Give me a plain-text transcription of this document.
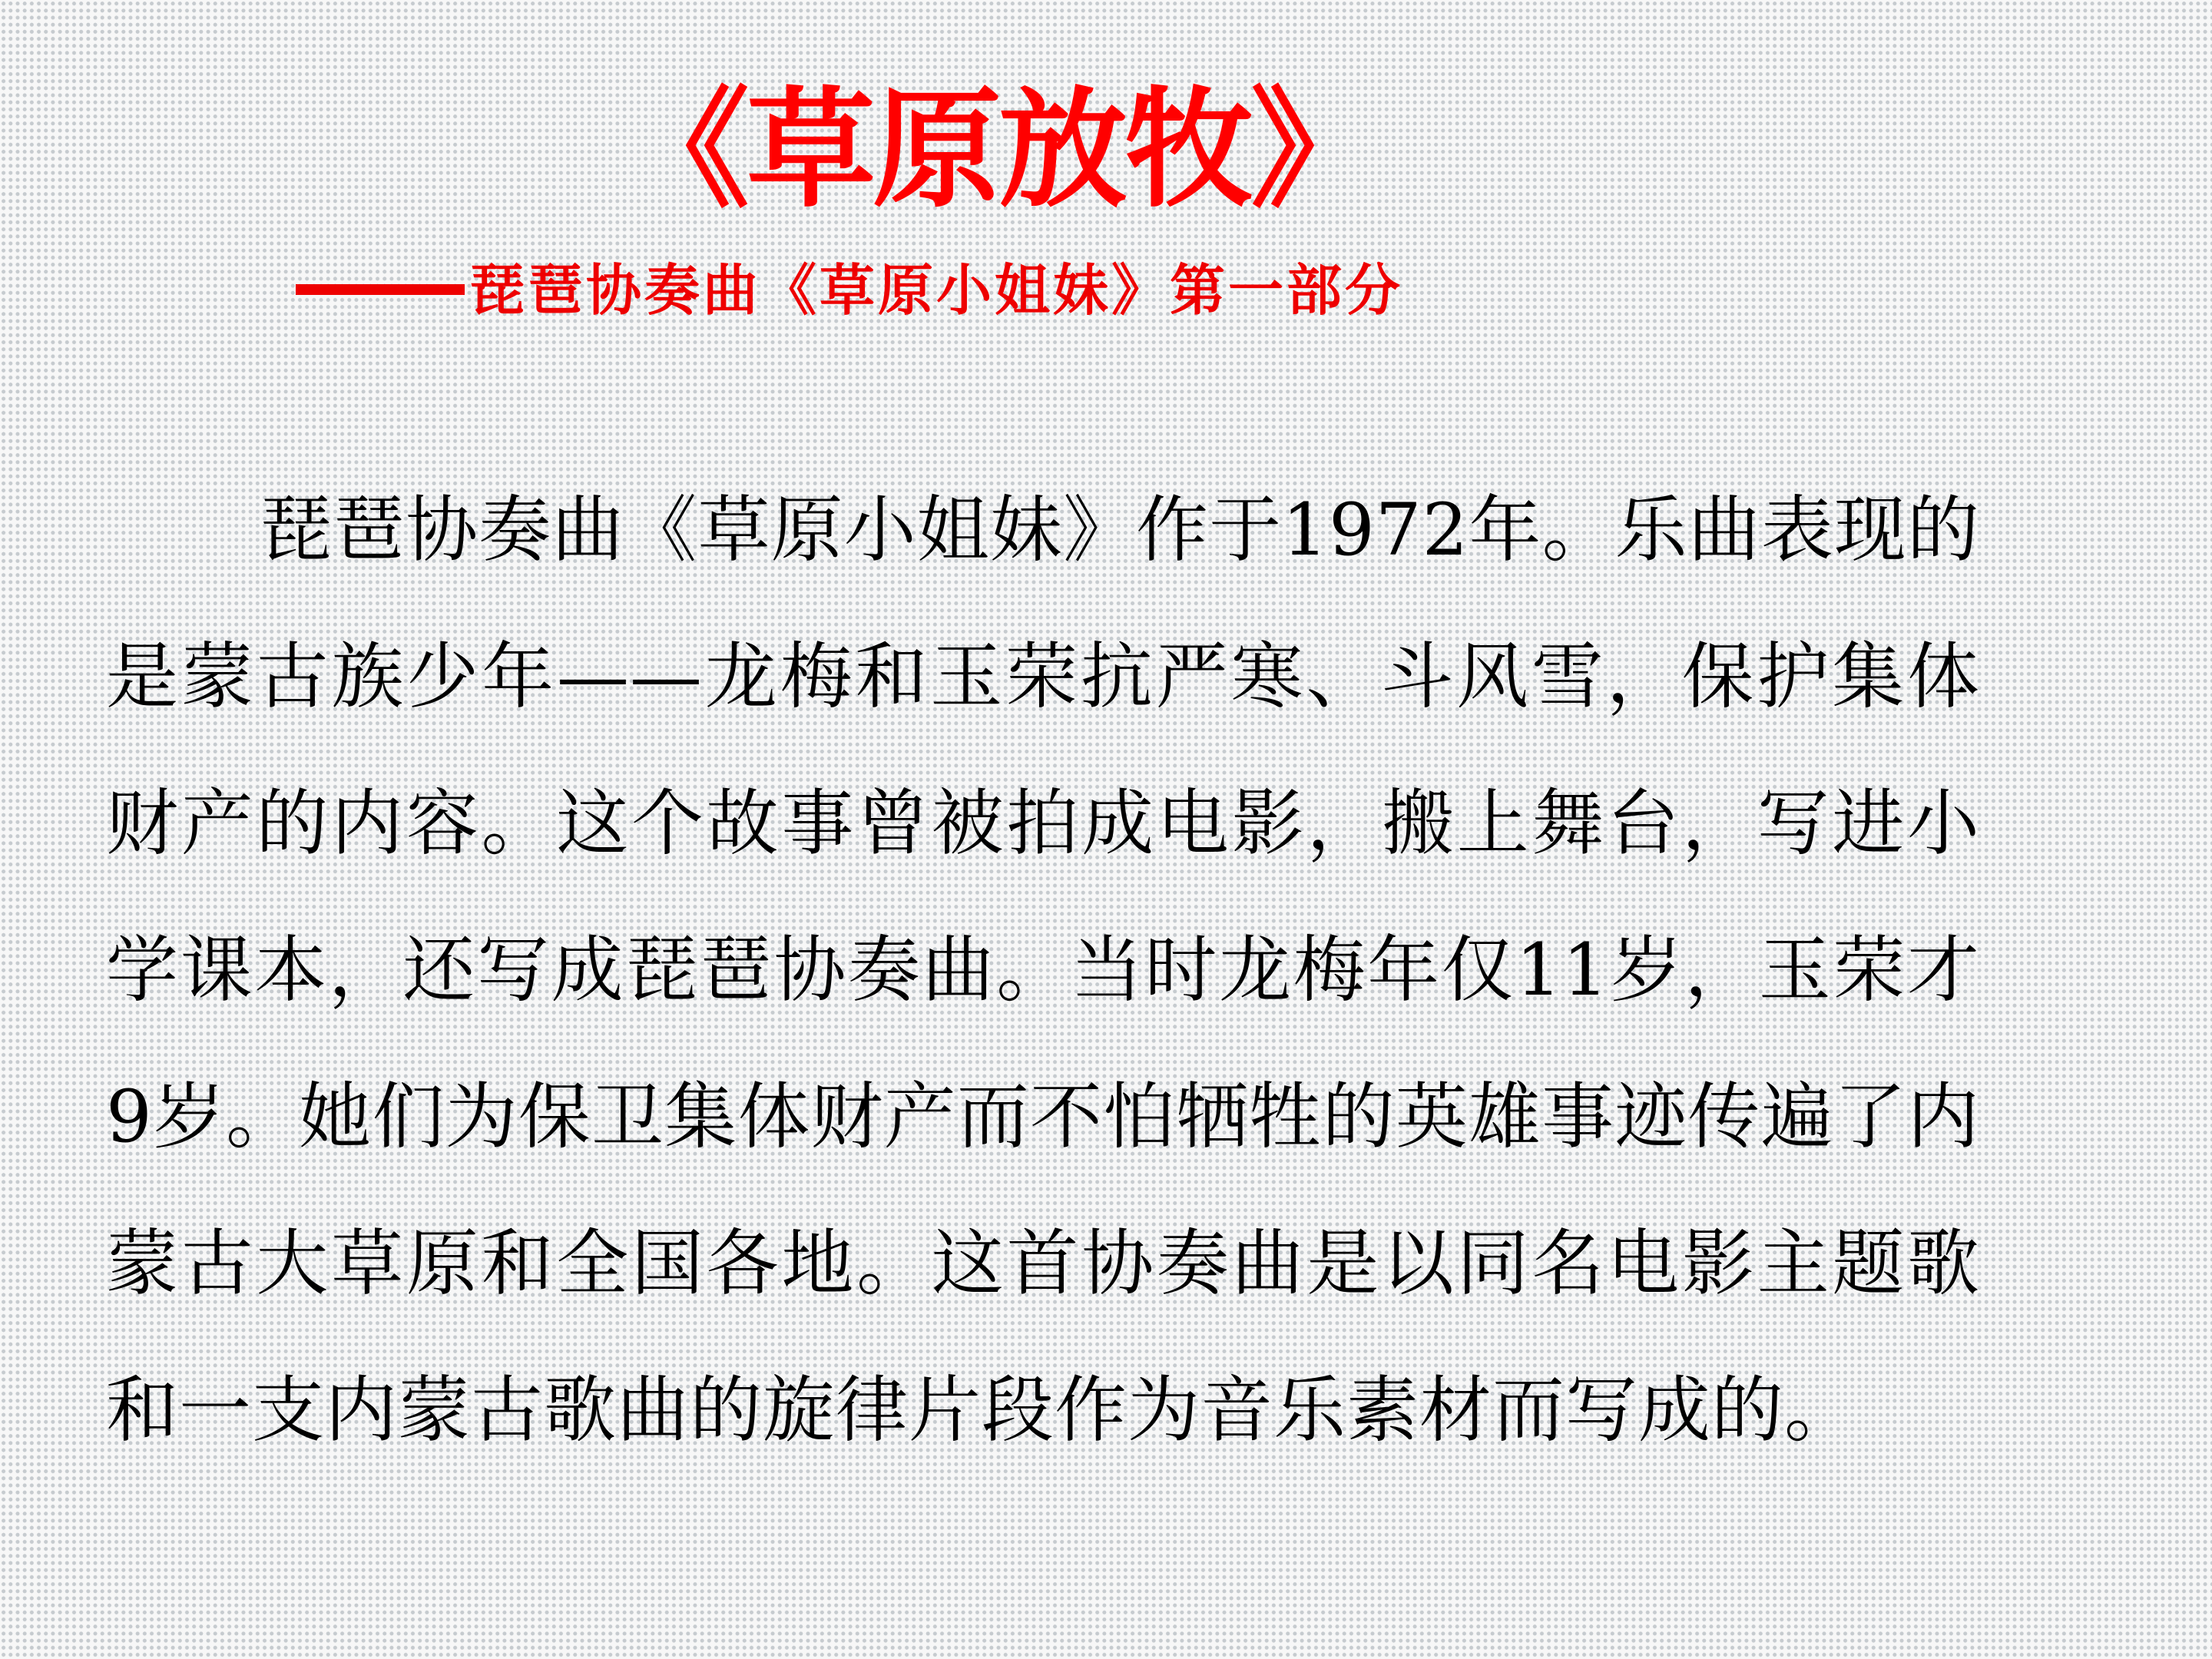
《草原放牧》
琵琶协奏曲《草原小姐妹》第一部分

琵琶协奏曲《草原小姐妹》作于1972年。乐曲表现的是蒙古族少年——龙梅和玉荣抗严寒、斗风雪，保护集体财产的内容。这个故事曾被拍成电影，搬上舞台，写进小学课本，还写成琵琶协奏曲。当时龙梅年仅11岁，玉荣才9岁。她们为保卫集体财产而不怕牺牲的英雄事迹传遍了内蒙古大草原和全国各地。这首协奏曲是以同名电影主题歌和一支内蒙古歌曲的旋律片段作为音乐素材而写成的。
